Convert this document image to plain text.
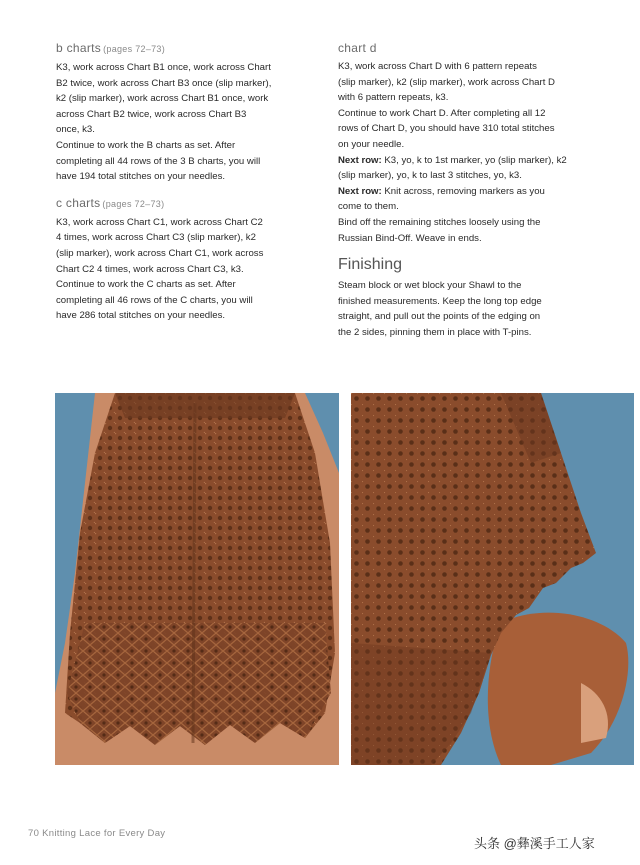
b charts (pages 72–73)

K3, work across Chart B1 once, work across Chart

B2 twice, work across Chart B3 once (slip marker),

k2 (slip marker), work across Chart B1 once, work

across Chart B2 twice, work across Chart B3

once, k3.

Continue to work the B charts as set. After

completing all 44 rows of the 3 B charts, you will

have 194 total stitches on your needles.

c charts (pages 72–73)

K3, work across Chart C1, work across Chart C2

4 times, work across Chart C3 (slip marker), k2

(slip marker), work across Chart C1, work across

Chart C2 4 times, work across Chart C3, k3.

Continue to work the C charts as set. After

completing all 46 rows of the C charts, you will

have 286 total stitches on your needles.

chart d

K3, work across Chart D with 6 pattern repeats

(slip marker), k2 (slip marker), work across Chart D

with 6 pattern repeats, k3.

Continue to work Chart D. After completing all 12

rows of Chart D, you should have 310 total stitches

on your needle.

Next row: K3, yo, k to 1st marker, yo (slip marker), k2

(slip marker), yo, k to last 3 stitches, yo, k3.

Next row: Knit across, removing markers as you

come to them.

Bind off the remaining stitches loosely using the

Russian Bind-Off. Weave in ends.

Finishing

Steam block or wet block your Shawl to the

finished measurements. Keep the long top edge

straight, and pull out the points of the edging on

the 2 sides, pinning them in place with T-pins.

70 Knitting Lace for Every Day
头条 @彝溪手工人家
